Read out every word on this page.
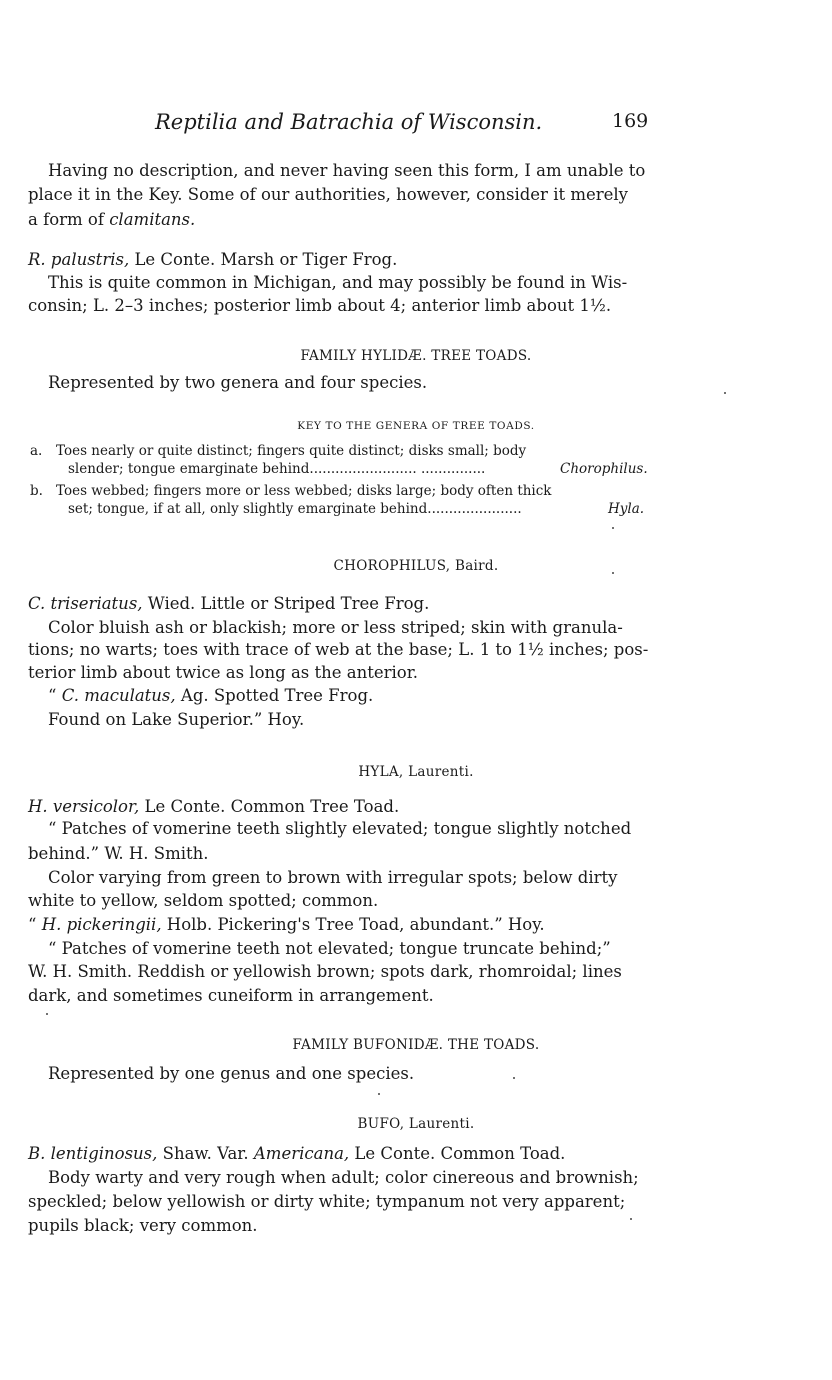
Reptilia and Batrachia of Wisconsin.	169
Having no description, and never having seen this form, I am unable to
place it in the Key. Some of our authorities, however, consider it merely
a form of clamitans.
R. palustris, Le Conte. Marsh or Tiger Frog.
This is quite common in Michigan, and may possibly be found in Wis-
consin; L. 2–3 inches; posterior limb about 4; anterior limb about 1½.
FAMILY HYLIDÆ. TREE TOADS.
Represented by two genera and four species.
KEY TO THE GENERA OF TREE TOADS.
a. Toes nearly or quite distinct; fingers quite distinct; disks small; body
slender; tongue emarginate behind......................... ...............	Chorophilus.
b. Toes webbed; fingers more or less webbed; disks large; body often thick
set; tongue, if at all, only slightly emarginate behind......................	Hyla.
CHOROPHILUS, Baird.
C. triseriatus, Wied. Little or Striped Tree Frog.
Color bluish ash or blackish; more or less striped; skin with granula-
tions; no warts; toes with trace of web at the base; L. 1 to 1½ inches; pos-
terior limb about twice as long as the anterior.
“ C. maculatus, Ag. Spotted Tree Frog.
Found on Lake Superior.” Hoy.
HYLA, Laurenti.
H. versicolor, Le Conte. Common Tree Toad.
“ Patches of vomerine teeth slightly elevated; tongue slightly notched
behind.” W. H. Smith.
Color varying from green to brown with irregular spots; below dirty
white to yellow, seldom spotted; common.
“ H. pickeringii, Holb. Pickering's Tree Toad, abundant.” Hoy.
“ Patches of vomerine teeth not elevated; tongue truncate behind;”
W. H. Smith. Reddish or yellowish brown; spots dark, rhomroidal; lines
dark, and sometimes cuneiform in arrangement.
FAMILY BUFONIDÆ. THE TOADS.
Represented by one genus and one species.
BUFO, Laurenti.
B. lentiginosus, Shaw. Var. Americana, Le Conte. Common Toad.
Body warty and very rough when adult; color cinereous and brownish;
speckled; below yellowish or dirty white; tympanum not very apparent;
pupils black; very common.
